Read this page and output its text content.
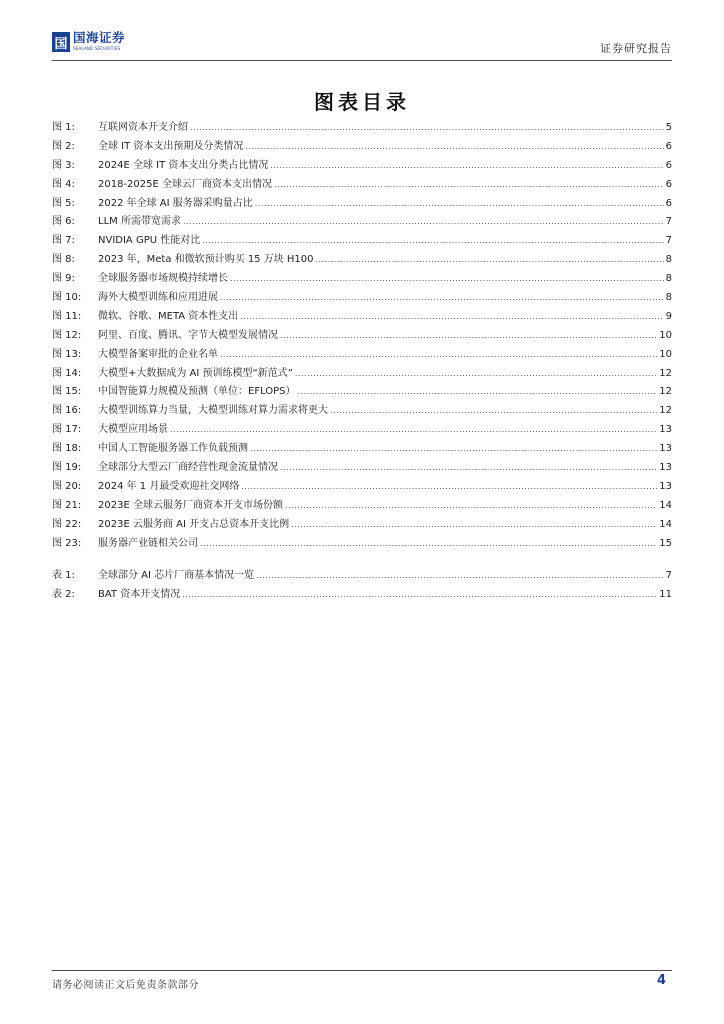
国 国海证券
SEALAND SECURITIES	证券研究报告
图表目录
图 1:	互联网资本开支介绍 .....	5
图 2:	全球 IT 资本支出预期及分类情况 .....	6
图 3:	2024E 全球 IT 资本支出分类占比情况 .....	6
图 4:	2018-2025E 全球云厂商资本支出情况 .....	6
图 5:	2022 年全球 AI 服务器采购量占比 .....	6
图 6:	LLM 所需带宽需求 .....	7
图 7:	NVIDIA GPU 性能对比 .....	7
图 8:	2023 年，Meta 和微软预计购买 15 万块 H100 .....	8
图 9:	全球服务器市场规模持续增长 .....	8
图 10:	海外大模型训练和应用进展 .....	8
图 11:	微软、谷歌、META 资本性支出 .....	9
图 12:	阿里、百度、腾讯、字节大模型发展情况 .....	10
图 13:	大模型备案审批的企业名单 .....	10
图 14:	大模型+大数据成为 AI 预训练模型“新范式” .....	12
图 15:	中国智能算力规模及预测（单位：EFLOPS） .....	12
图 16:	大模型训练算力当量，大模型训练对算力需求将更大 .....	12
图 17:	大模型应用场景 .....	13
图 18:	中国人工智能服务器工作负载预测 .....	13
图 19:	全球部分大型云厂商经营性现金流量情况 .....	13
图 20:	2024 年 1 月最受欢迎社交网络 .....	13
图 21:	2023E 全球云服务厂商资本开支市场份额 .....	14
图 22:	2023E 云服务商 AI 开支占总资本开支比例 .....	14
图 23:	服务器产业链相关公司 .....	15
表 1:	全球部分 AI 芯片厂商基本情况一览 .....	7
表 2:	BAT 资本开支情况 .....	11
请务必阅读正文后免责条款部分	4
